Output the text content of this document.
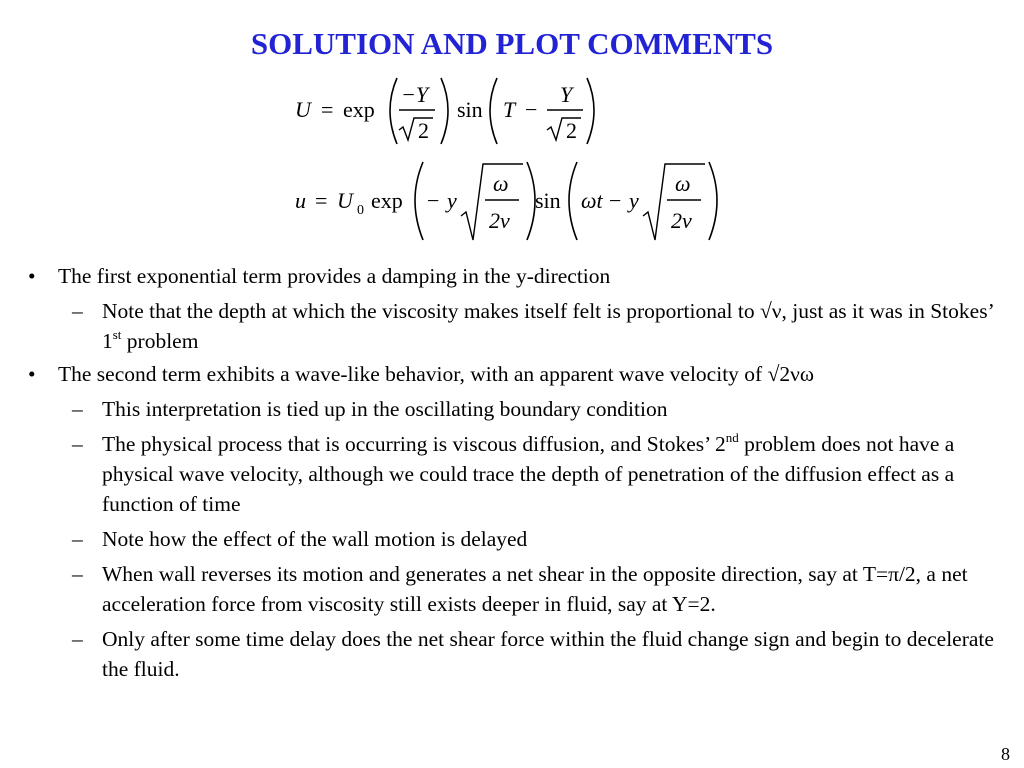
SOLUTION AND PLOT COMMENTS
U = exp
−Y
2
sin T −
Y
2
u = U 0 exp − y
ω
2ν
sin ωt − y
ω
2ν
• The first exponential term provides a damping in the y-direction
– Note that the depth at which the viscosity makes itself felt is proportional to √ν, just as it was in Stokes’ 1st problem
• The second term exhibits a wave-like behavior, with an apparent wave velocity of √2νω
– This interpretation is tied up in the oscillating boundary condition
– The physical process that is occurring is viscous diffusion, and Stokes’ 2nd problem does not have a physical wave velocity, although we could trace the depth of penetration of the diffusion effect as a function of time
– Note how the effect of the wall motion is delayed
– When wall reverses its motion and generates a net shear in the opposite direction, say at T=π/2, a net acceleration force from viscosity still exists deeper in fluid, say at Y=2.
– Only after some time delay does the net shear force within the fluid change sign and begin to decelerate the fluid.
8
